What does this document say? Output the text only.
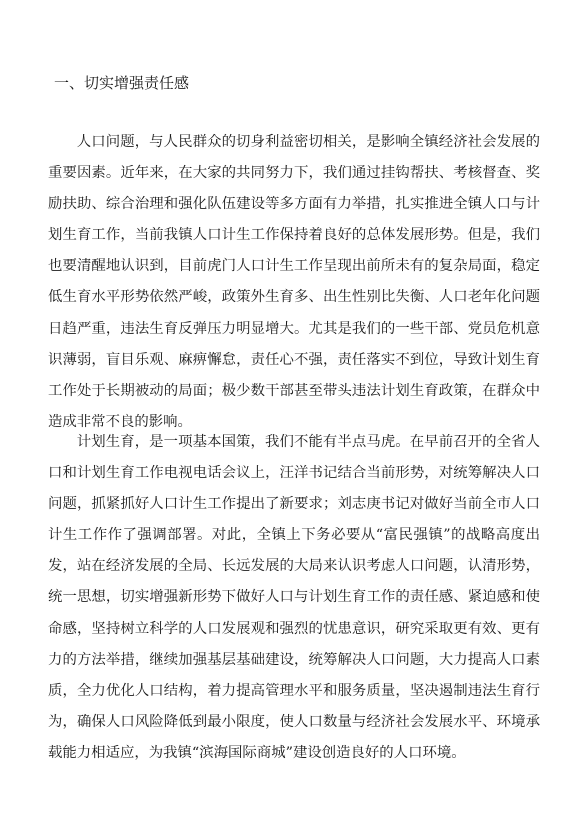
一、切实增强责任感

人口问题，与人民群众的切身利益密切相关，是影响全镇经济社会发展的重要因素。近年来，在大家的共同努力下，我们通过挂钩帮扶、考核督查、奖励扶助、综合治理和强化队伍建设等多方面有力举措，扎实推进全镇人口与计划生育工作，当前我镇人口计生工作保持着良好的总体发展形势。但是，我们也要清醒地认识到，目前虎门人口计生工作呈现出前所未有的复杂局面，稳定低生育水平形势依然严峻，政策外生育多、出生性别比失衡、人口老年化问题日趋严重，违法生育反弹压力明显增大。尤其是我们的一些干部、党员危机意识薄弱，盲目乐观、麻痹懈怠，责任心不强，责任落实不到位，导致计划生育工作处于长期被动的局面；极少数干部甚至带头违法计划生育政策，在群众中造成非常不良的影响。

计划生育，是一项基本国策，我们不能有半点马虎。在早前召开的全省人口和计划生育工作电视电话会议上，汪洋书记结合当前形势，对统筹解决人口问题，抓紧抓好人口计生工作提出了新要求；刘志庚书记对做好当前全市人口计生工作作了强调部署。对此，全镇上下务必要从“富民强镇”的战略高度出发，站在经济发展的全局、长远发展的大局来认识考虑人口问题，认清形势，统一思想，切实增强新形势下做好人口与计划生育工作的责任感、紧迫感和使命感，坚持树立科学的人口发展观和强烈的忧患意识，研究采取更有效、更有力的方法举措，继续加强基层基础建设，统筹解决人口问题，大力提高人口素质，全力优化人口结构，着力提高管理水平和服务质量，坚决遏制违法生育行为，确保人口风险降低到最小限度，使人口数量与经济社会发展水平、环境承载能力相适应，为我镇“滨海国际商城”建设创造良好的人口环境。
